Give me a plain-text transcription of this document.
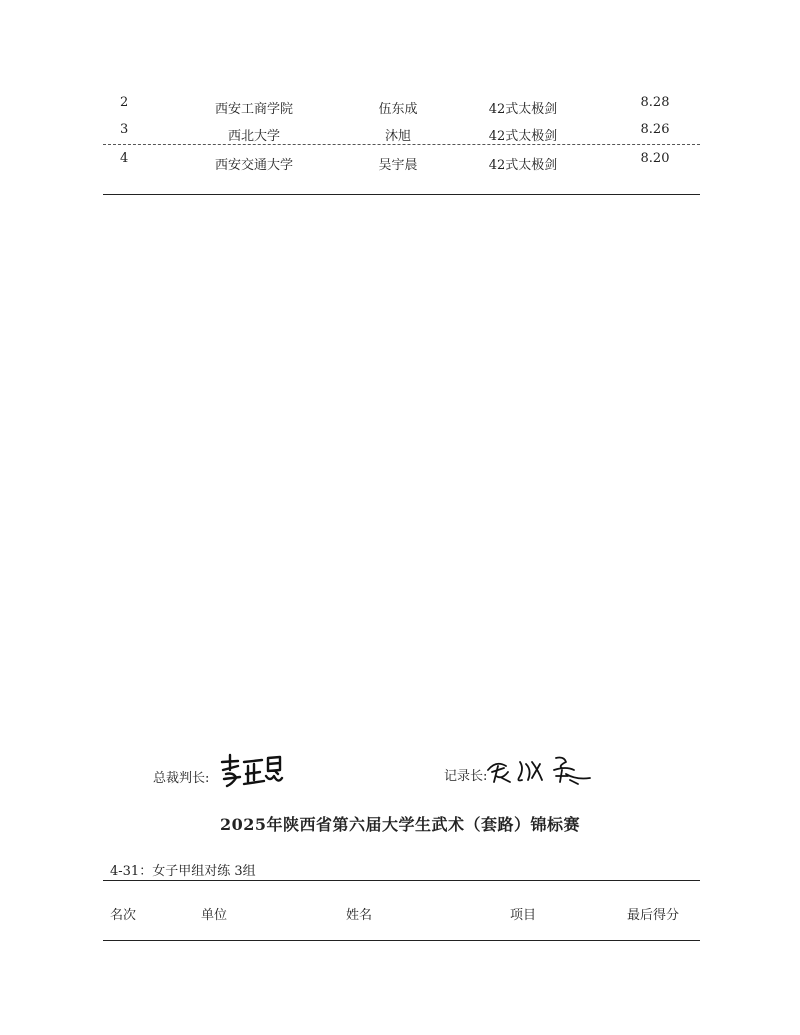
2	西安工商学院	伍东成	42式太极剑	8.28
3	西北大学	沐旭	42式太极剑	8.26
4	西安交通大学	吴宇晨	42式太极剑	8.20
总裁判长:	记录长:
2025年陕西省第六届大学生武术（套路）锦标赛
4-31：女子甲组对练 3组
名次	单位	姓名	项目	最后得分
